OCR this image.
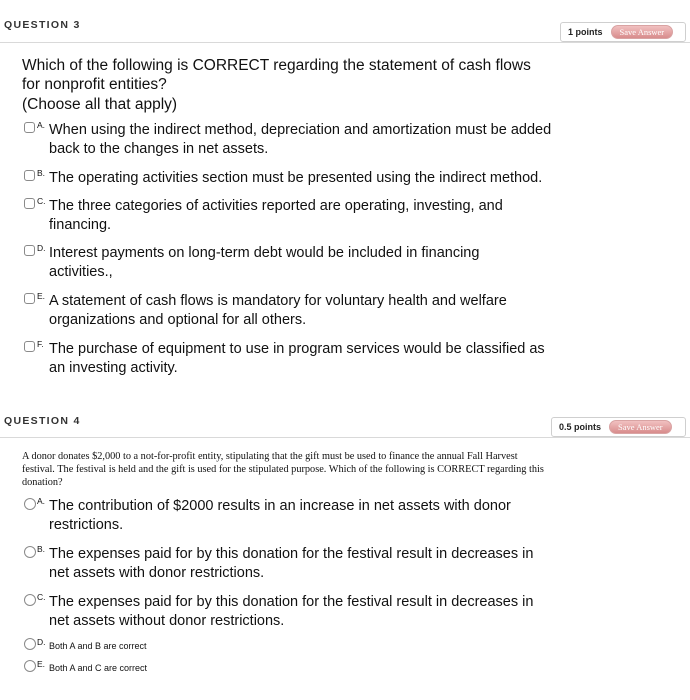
QUESTION 3
1 points	Save Answer
Which of the following is CORRECT regarding the statement of cash flows for nonprofit entities?
(Choose all that apply)
A. When using the indirect method, depreciation and amortization must be added back to the changes in net assets.
B. The operating activities section must be presented using the indirect method.
C. The three categories of activities reported are operating, investing, and financing.
D. Interest payments on long-term debt would be included in financing activities.,
E. A statement of cash flows is mandatory for voluntary health and welfare organizations and optional for all others.
F. The purchase of equipment to use in program services would be classified as an investing activity.
QUESTION 4	0.5 points	Save Answer
A donor donates $2,000 to a not-for-profit entity, stipulating that the gift must be used to finance the annual Fall Harvest festival. The festival is held and the gift is used for the stipulated purpose. Which of the following is CORRECT regarding this donation?
A. The contribution of $2000 results in an increase in net assets with donor restrictions.
B. The expenses paid for by this donation for the festival result in decreases in net assets with donor restrictions.
C. The expenses paid for by this donation for the festival result in decreases in net assets without donor restrictions.
D. Both A and B are correct
E. Both A and C are correct
